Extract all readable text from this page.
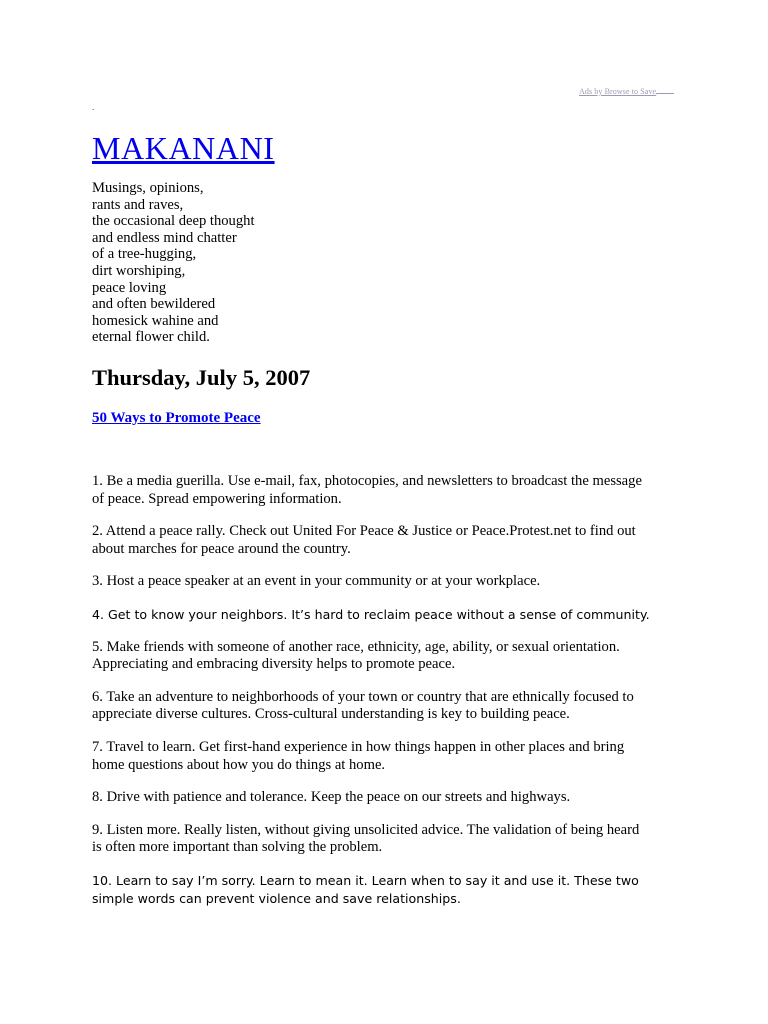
Ads by Browse to Save
.
MAKANANI
Musings, opinions,
rants and raves,
the occasional deep thought
and endless mind chatter
of a tree-hugging,
dirt worshiping,
peace loving
and often bewildered
homesick wahine and
eternal flower child.
Thursday, July 5, 2007
50 Ways to Promote Peace

1. Be a media guerilla. Use e-mail, fax, photocopies, and newsletters to broadcast the message
of peace. Spread empowering information.

2. Attend a peace rally. Check out United For Peace & Justice or Peace.Protest.net to find out
about marches for peace around the country.

3. Host a peace speaker at an event in your community or at your workplace.

4. Get to know your neighbors. It’s hard to reclaim peace without a sense of community.

5. Make friends with someone of another race, ethnicity, age, ability, or sexual orientation.
Appreciating and embracing diversity helps to promote peace.

6. Take an adventure to neighborhoods of your town or country that are ethnically focused to
appreciate diverse cultures. Cross-cultural understanding is key to building peace.

7. Travel to learn. Get first-hand experience in how things happen in other places and bring
home questions about how you do things at home.

8. Drive with patience and tolerance. Keep the peace on our streets and highways.

9. Listen more. Really listen, without giving unsolicited advice. The validation of being heard
is often more important than solving the problem.

10. Learn to say I’m sorry. Learn to mean it. Learn when to say it and use it. These two
simple words can prevent violence and save relationships.
